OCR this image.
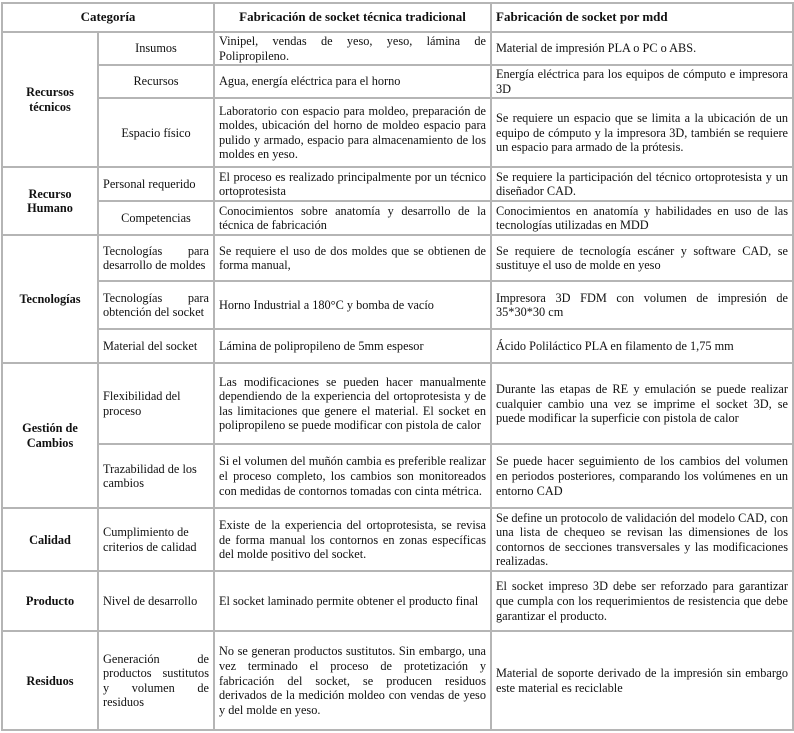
Categoría		Fabricación de socket técnica tradicional	Fabricación de socket por mdd
Recursos técnicos	Insumos	Vinipel, vendas de yeso, yeso, lámina de Polipropileno.	Material de impresión PLA o PC o ABS.
	Recursos	Agua, energía eléctrica para el horno	Energía eléctrica para los equipos de cómputo e impresora 3D
	Espacio físico	Laboratorio con espacio para moldeo, preparación de moldes, ubicación del horno de moldeo espacio para pulido y armado, espacio para almacenamiento de los moldes en yeso.	Se requiere un espacio que se limita a la ubicación de un equipo de cómputo y la impresora 3D, también se requiere un espacio para armado de la prótesis.
Recurso Humano	Personal requerido	El proceso es realizado principalmente por un técnico ortoprotesista	Se requiere la participación del técnico ortoprotesista y un diseñador CAD.
	Competencias	Conocimientos sobre anatomía y desarrollo de la técnica de fabricación	Conocimientos en anatomía y habilidades en uso de las tecnologías utilizadas en MDD
Tecnologías	Tecnologías para desarrollo de moldes	Se requiere el uso de dos moldes que se obtienen de forma manual,	Se requiere de tecnología escáner y software CAD, se sustituye el uso de molde en yeso
	Tecnologías para obtención del socket	Horno Industrial a 180°C y bomba de vacío	Impresora 3D FDM con volumen de impresión de 35*30*30 cm
	Material del socket	Lámina de polipropileno de 5mm espesor	Ácido Poliláctico PLA en filamento de 1,75 mm
Gestión de Cambios	Flexibilidad del proceso	Las modificaciones se pueden hacer manualmente dependiendo de la experiencia del ortoprotesista y de las limitaciones que genere el material. El socket en polipropileno se puede modificar con pistola de calor	Durante las etapas de RE y emulación se puede realizar cualquier cambio una vez se imprime el socket 3D, se puede modificar la superficie con pistola de calor
	Trazabilidad de los cambios	Si el volumen del muñón cambia es preferible realizar el proceso completo, los cambios son monitoreados con medidas de contornos tomadas con cinta métrica.	Se puede hacer seguimiento de los cambios del volumen en periodos posteriores, comparando los volúmenes en un entorno CAD
Calidad	Cumplimiento de criterios de calidad	Existe de la experiencia del ortoprotesista, se revisa de forma manual los contornos en zonas específicas del molde positivo del socket.	Se define un protocolo de validación del modelo CAD, con una lista de chequeo se revisan las dimensiones de los contornos de secciones transversales y las modificaciones realizadas.
Producto	Nivel de desarrollo	El socket laminado permite obtener el producto final	El socket impreso 3D debe ser reforzado para garantizar que cumpla con los requerimientos de resistencia que debe garantizar el producto.
Residuos	Generación de productos sustitutos y volumen de residuos	No se generan productos sustitutos. Sin embargo, una vez terminado el proceso de protetización y fabricación del socket, se producen residuos derivados de la medición moldeo con vendas de yeso y del molde en yeso.	Material de soporte derivado de la impresión sin embargo este material es reciclable
